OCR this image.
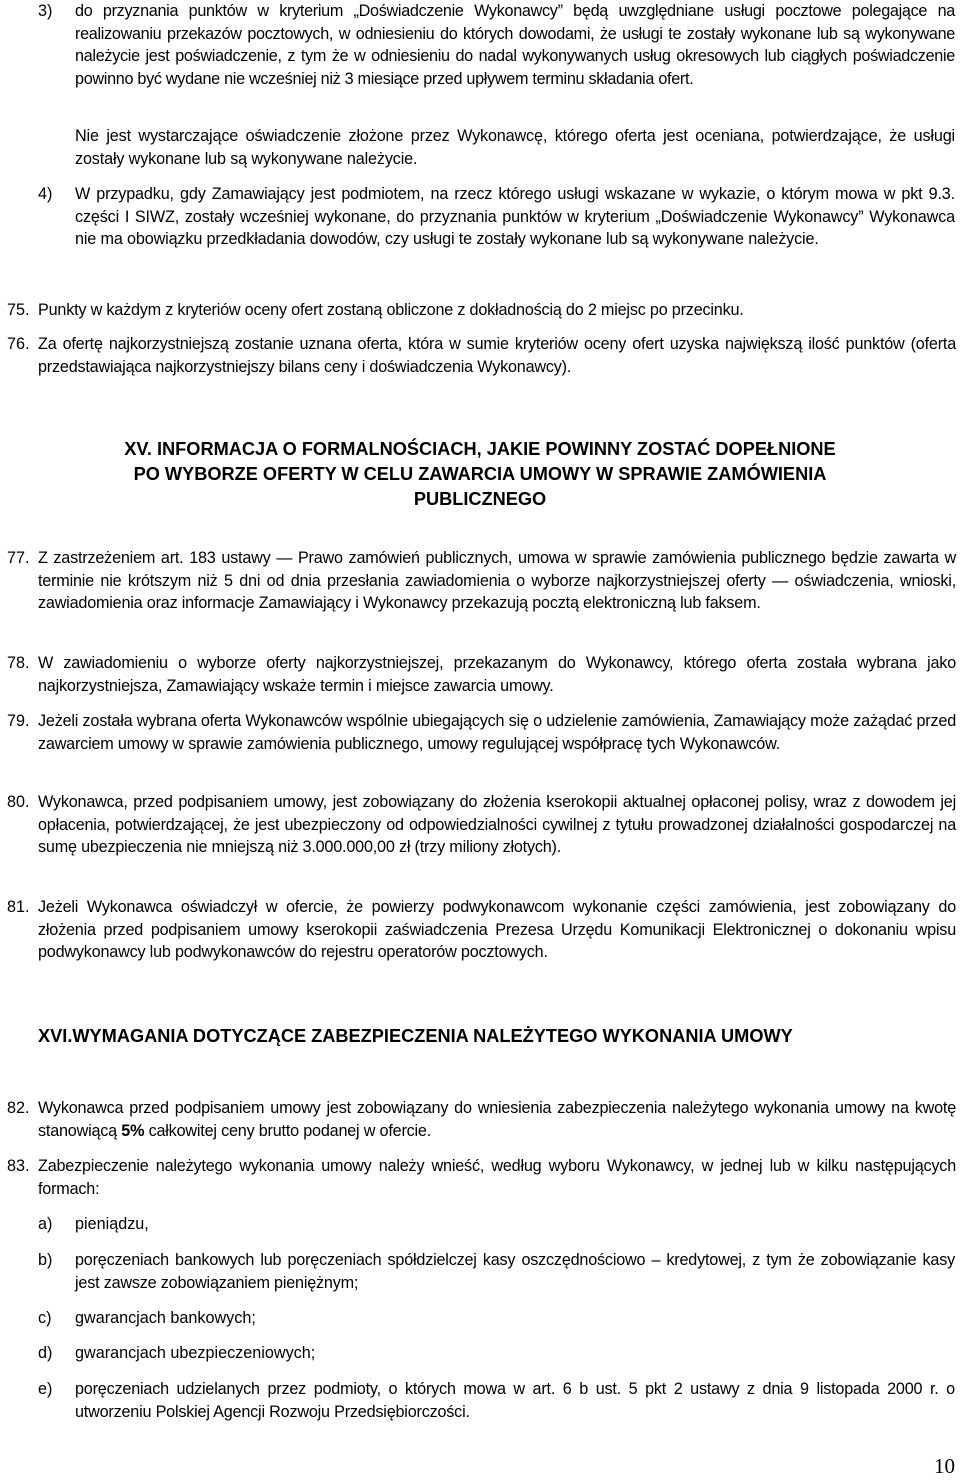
3) do przyznania punktów w kryterium „Doświadczenie Wykonawcy” będą uwzględniane usługi pocztowe polegające na realizowaniu przekazów pocztowych, w odniesieniu do których dowodami, że usługi te zostały wykonane lub są wykonywane należycie jest poświadczenie, z tym że w odniesieniu do nadal wykonywanych usług okresowych lub ciągłych poświadczenie powinno być wydane nie wcześniej niż 3 miesiące przed upływem terminu składania ofert.

Nie jest wystarczające oświadczenie złożone przez Wykonawcę, którego oferta jest oceniana, potwierdzające, że usługi zostały wykonane lub są wykonywane należycie.

4) W przypadku, gdy Zamawiający jest podmiotem, na rzecz którego usługi wskazane w wykazie, o którym mowa w pkt 9.3. części I SIWZ, zostały wcześniej wykonane, do przyznania punktów w kryterium „Doświadczenie Wykonawcy” Wykonawca nie ma obowiązku przedkładania dowodów, czy usługi te zostały wykonane lub są wykonywane należycie.

75. Punkty w każdym z kryteriów oceny ofert zostaną obliczone z dokładnością do 2 miejsc po przecinku.

76. Za ofertę najkorzystniejszą zostanie uznana oferta, która w sumie kryteriów oceny ofert uzyska największą ilość punktów (oferta przedstawiająca najkorzystniejszy bilans ceny i doświadczenia Wykonawcy).

XV. INFORMACJA O FORMALNOŚCIACH, JAKIE POWINNY ZOSTAĆ DOPEŁNIONE

PO WYBORZE OFERTY W CELU ZAWARCIA UMOWY W SPRAWIE ZAMÓWIENIA

PUBLICZNEGO

77. Z zastrzeżeniem art. 183 ustawy ― Prawo zamówień publicznych, umowa w sprawie zamówienia publicznego będzie zawarta w terminie nie krótszym niż 5 dni od dnia przesłania zawiadomienia o wyborze najkorzystniejszej oferty ― oświadczenia, wnioski, zawiadomienia oraz informacje Zamawiający i Wykonawcy przekazują pocztą elektroniczną lub faksem.

78. W zawiadomieniu o wyborze oferty najkorzystniejszej, przekazanym do Wykonawcy, którego oferta została wybrana jako najkorzystniejsza, Zamawiający wskaże termin i miejsce zawarcia umowy.

79. Jeżeli została wybrana oferta Wykonawców wspólnie ubiegających się o udzielenie zamówienia, Zamawiający może zażądać przed zawarciem umowy w sprawie zamówienia publicznego, umowy regulującej współpracę tych Wykonawców.

80. Wykonawca, przed podpisaniem umowy, jest zobowiązany do złożenia kserokopii aktualnej opłaconej polisy, wraz z dowodem jej opłacenia, potwierdzającej, że jest ubezpieczony od odpowiedzialności cywilnej z tytułu prowadzonej działalności gospodarczej na sumę ubezpieczenia nie mniejszą niż 3.000.000,00 zł (trzy miliony złotych).

81. Jeżeli Wykonawca oświadczył w ofercie, że powierzy podwykonawcom wykonanie części zamówienia, jest zobowiązany do złożenia przed podpisaniem umowy kserokopii zaświadczenia Prezesa Urzędu Komunikacji Elektronicznej o dokonaniu wpisu podwykonawcy lub podwykonawców do rejestru operatorów pocztowych.

XVI.WYMAGANIA DOTYCZĄCE ZABEZPIECZENIA NALEŻYTEGO WYKONANIA UMOWY

82. Wykonawca przed podpisaniem umowy jest zobowiązany do wniesienia zabezpieczenia należytego wykonania umowy na kwotę stanowiącą 5% całkowitej ceny brutto podanej w ofercie.

83. Zabezpieczenie należytego wykonania umowy należy wnieść, według wyboru Wykonawcy, w jednej lub w kilku następujących formach:

a) pieniądzu,

b) poręczeniach bankowych lub poręczeniach spółdzielczej kasy oszczędnościowo – kredytowej, z tym że zobowiązanie kasy jest zawsze zobowiązaniem pieniężnym;

c) gwarancjach bankowych;

d) gwarancjach ubezpieczeniowych;

e) poręczeniach udzielanych przez podmioty, o których mowa w art. 6 b ust. 5 pkt 2 ustawy z dnia 9 listopada 2000 r. o utworzeniu Polskiej Agencji Rozwoju Przedsiębiorczości.

10
